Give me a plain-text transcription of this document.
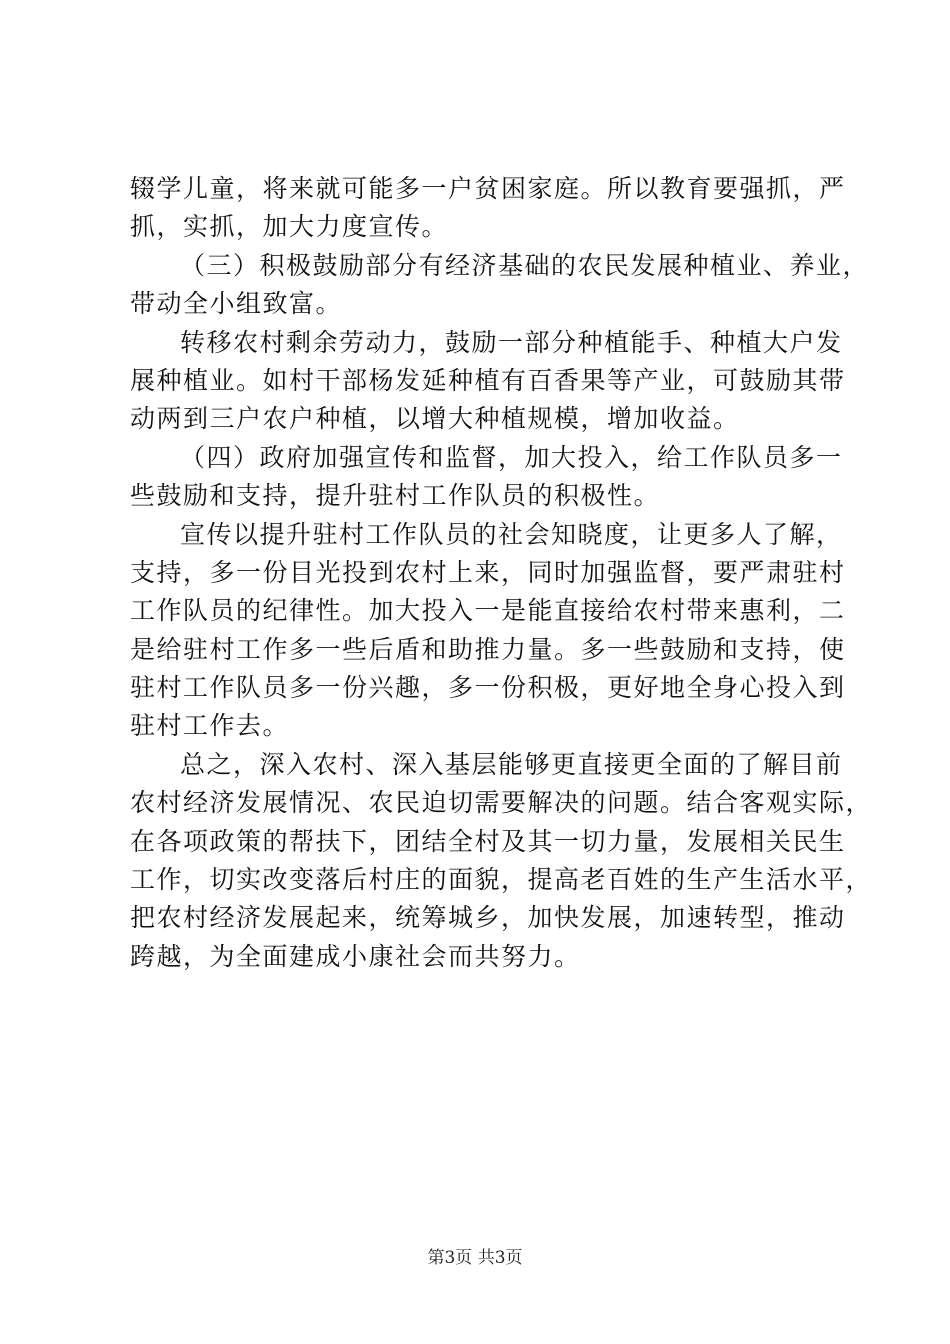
辍学儿童，将来就可能多一户贫困家庭。所以教育要强抓，严
抓，实抓，加大力度宣传。
（三）积极鼓励部分有经济基础的农民发展种植业、养业，
带动全小组致富。
转移农村剩余劳动力，鼓励一部分种植能手、种植大户发
展种植业。如村干部杨发延种植有百香果等产业，可鼓励其带
动两到三户农户种植，以增大种植规模，增加收益。
（四）政府加强宣传和监督，加大投入，给工作队员多一
些鼓励和支持，提升驻村工作队员的积极性。
宣传以提升驻村工作队员的社会知晓度，让更多人了解，
支持，多一份目光投到农村上来，同时加强监督，要严肃驻村
工作队员的纪律性。加大投入一是能直接给农村带来惠利，二
是给驻村工作多一些后盾和助推力量。多一些鼓励和支持，使
驻村工作队员多一份兴趣，多一份积极，更好地全身心投入到
驻村工作去。
总之，深入农村、深入基层能够更直接更全面的了解目前
农村经济发展情况、农民迫切需要解决的问题。结合客观实际，
在各项政策的帮扶下，团结全村及其一切力量，发展相关民生
工作，切实改变落后村庄的面貌，提高老百姓的生产生活水平，
把农村经济发展起来，统筹城乡，加快发展，加速转型，推动
跨越，为全面建成小康社会而共努力。
第3页 共3页
